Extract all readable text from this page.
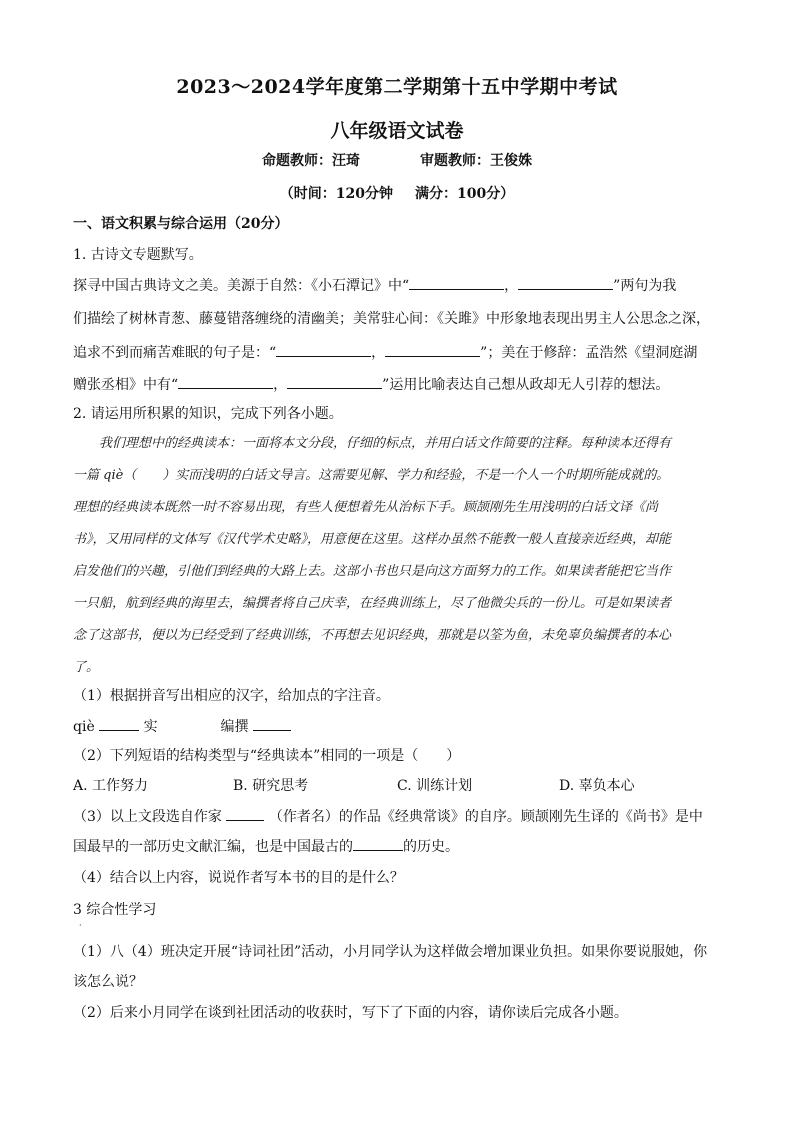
2023～2024学年度第二学期第十五中学期中考试
八年级语文试卷
命题教师：汪琦	审题教师：王俊姝
（时间：120分钟 满分：100分）
一、语文积累与综合运用（20分）
1. 古诗文专题默写。
探寻中国古典诗文之美。美源于自然：《小石潭记》中“	，	”两句为我
们描绘了树林青葱、藤蔓错落缠绕的清幽美；美常驻心间：《关雎》中形象地表现出男主人公思念之深，
追求不到而痛苦难眠的句子是：“	，	”；美在于修辞：孟浩然《望洞庭湖
赠张丞相》中有“	，	”运用比喻表达自己想从政却无人引荐的想法。
2. 请运用所积累的知识，完成下列各小题。
我们理想中的经典读本：一面将本文分段，仔细的标点，并用白话文作简要的注释。每种读本还得有
一篇 qiè（　　）实而浅明的白话文导言。这需要见解、学力和经验，不是一个人一个时期所能成就的。
理想的经典读本既然一时不容易出现，有些人便想着先从治标下手。顾颉刚先生用浅明的白话文译《尚
书》，又用同样的文体写《汉代学术史略》，用意便在这里。这样办虽然不能教一般人直接亲近经典，却能
启发他们的兴趣，引他们到经典的大路上去。这部小书也只是向这方面努力的工作。如果读者能把它当作
一只船，航到经典的海里去，编撰者将自己庆幸，在经典训练上，尽了他微尖兵的一份儿。可是如果读者
念了这部书，便以为已经受到了经典训练，不再想去见识经典，那就是以筌为鱼，未免辜负编撰者的本心
了。
（1）根据拼音写出相应的汉字，给加点的字注音。
qiè	实	编撰
（2）下列短语的结构类型与“经典读本”相同的一项是（　　）
A. 工作努力	B. 研究思考	C. 训练计划	D. 辜负本心
（3）以上文段选自作家	（作者名）的作品《经典常谈》的自序。顾颉刚先生译的《尚书》是中
国最早的一部历史文献汇编，也是中国最古的	的历史。
（4）结合以上内容，说说作者写本书的目的是什么？
3 综合性学习
·
（1）八（4）班决定开展“诗词社团”活动，小月同学认为这样做会增加课业负担。如果你要说服她，你
该怎么说？
（2）后来小月同学在谈到社团活动的收获时，写下了下面的内容，请你读后完成各小题。
